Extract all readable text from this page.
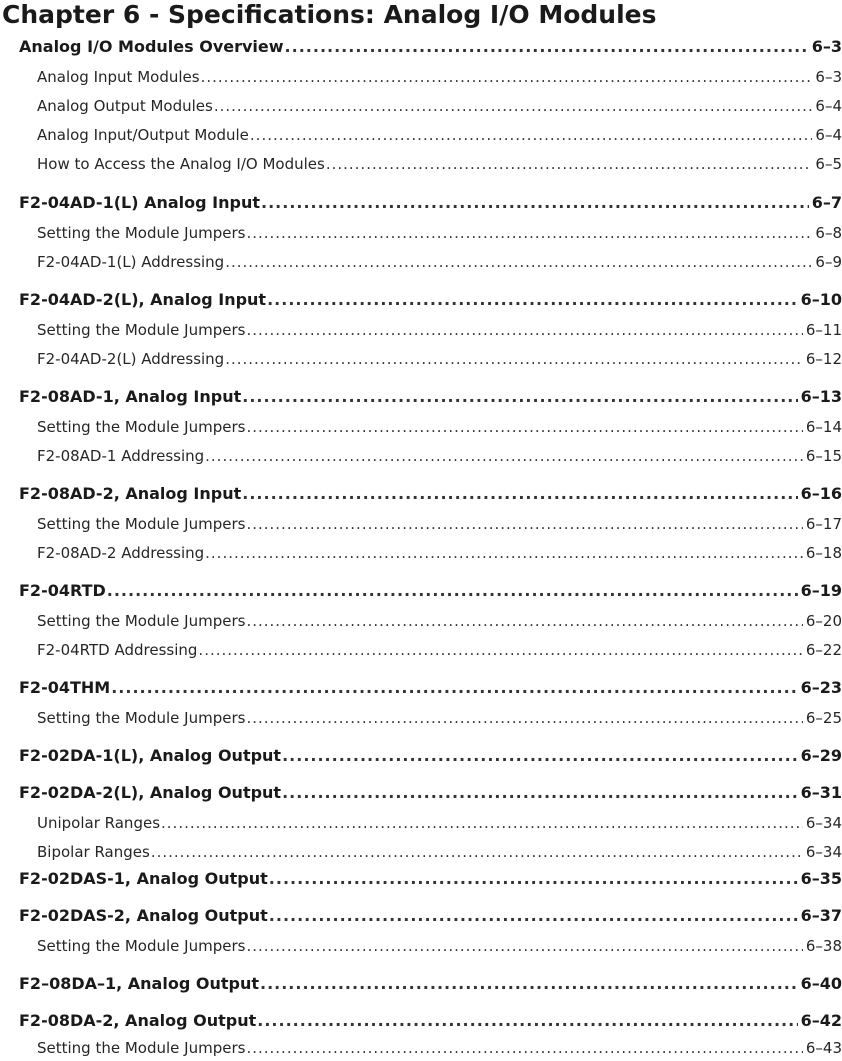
Chapter 6 - Specifications: Analog I/O Modules
Analog I/O Modules Overview .....	6–3
Analog Input Modules .....	6–3
Analog Output Modules .....	6–4
Analog Input/Output Module .....	6–4
How to Access the Analog I/O Modules .....	6–5
F2-04AD-1(L) Analog Input .....	6–7
Setting the Module Jumpers .....	6–8
F2-04AD-1(L) Addressing .....	6–9
F2-04AD-2(L), Analog Input .....	6–10
Setting the Module Jumpers .....	6–11
F2-04AD-2(L) Addressing .....	6–12
F2-08AD-1, Analog Input .....	6–13
Setting the Module Jumpers .....	6–14
F2-08AD-1 Addressing .....	6–15
F2-08AD-2, Analog Input .....	6–16
Setting the Module Jumpers .....	6–17
F2-08AD-2 Addressing .....	6–18
F2-04RTD .....	6–19
Setting the Module Jumpers .....	6–20
F2-04RTD Addressing .....	6–22
F2-04THM .....	6–23
Setting the Module Jumpers .....	6–25
F2-02DA-1(L), Analog Output .....	6–29
F2-02DA-2(L), Analog Output .....	6–31
Unipolar Ranges .....	6–34
Bipolar Ranges .....	6–34
F2-02DAS-1, Analog Output .....	6–35
F2-02DAS-2, Analog Output .....	6–37
Setting the Module Jumpers .....	6–38
F2–08DA–1, Analog Output .....	6–40
F2-08DA-2, Analog Output .....	6–42
Setting the Module Jumpers .....	6–43
